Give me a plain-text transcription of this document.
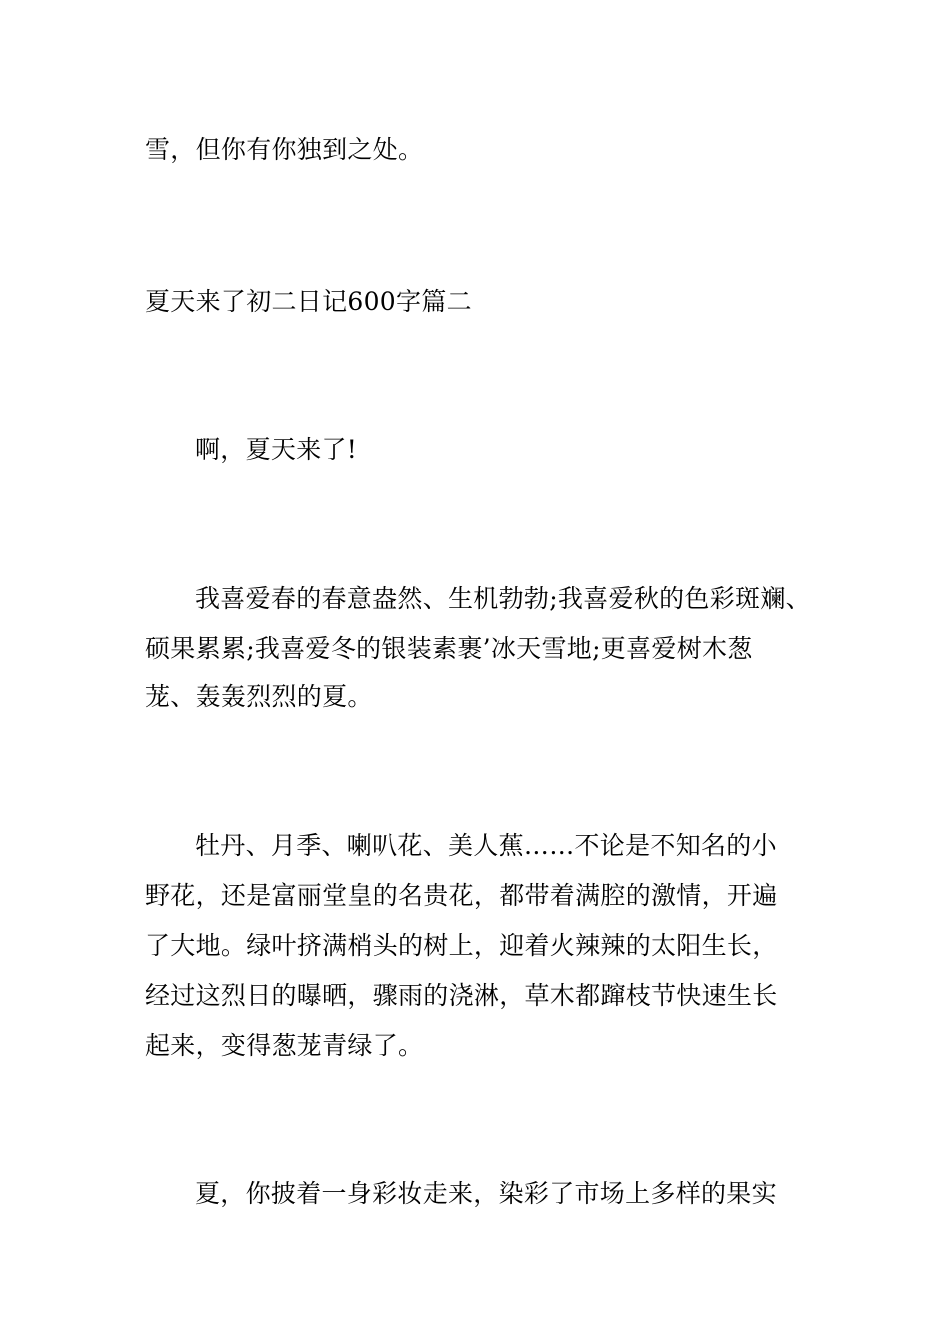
雪，但你有你独到之处。

夏天来了初二日记600字篇二

啊，夏天来了!

我喜爱春的春意盎然、生机勃勃;我喜爱秋的色彩斑斓、

硕果累累;我喜爱冬的银装素裹’冰天雪地;更喜爱树木葱

茏、轰轰烈烈的夏。

牡丹、月季、喇叭花、美人蕉……不论是不知名的小

野花，还是富丽堂皇的名贵花，都带着满腔的激情，开遍

了大地。绿叶挤满梢头的树上，迎着火辣辣的太阳生长，

经过这烈日的曝晒，骤雨的浇淋，草木都蹿枝节快速生长

起来，变得葱茏青绿了。

夏，你披着一身彩妆走来，染彩了市场上多样的果实
